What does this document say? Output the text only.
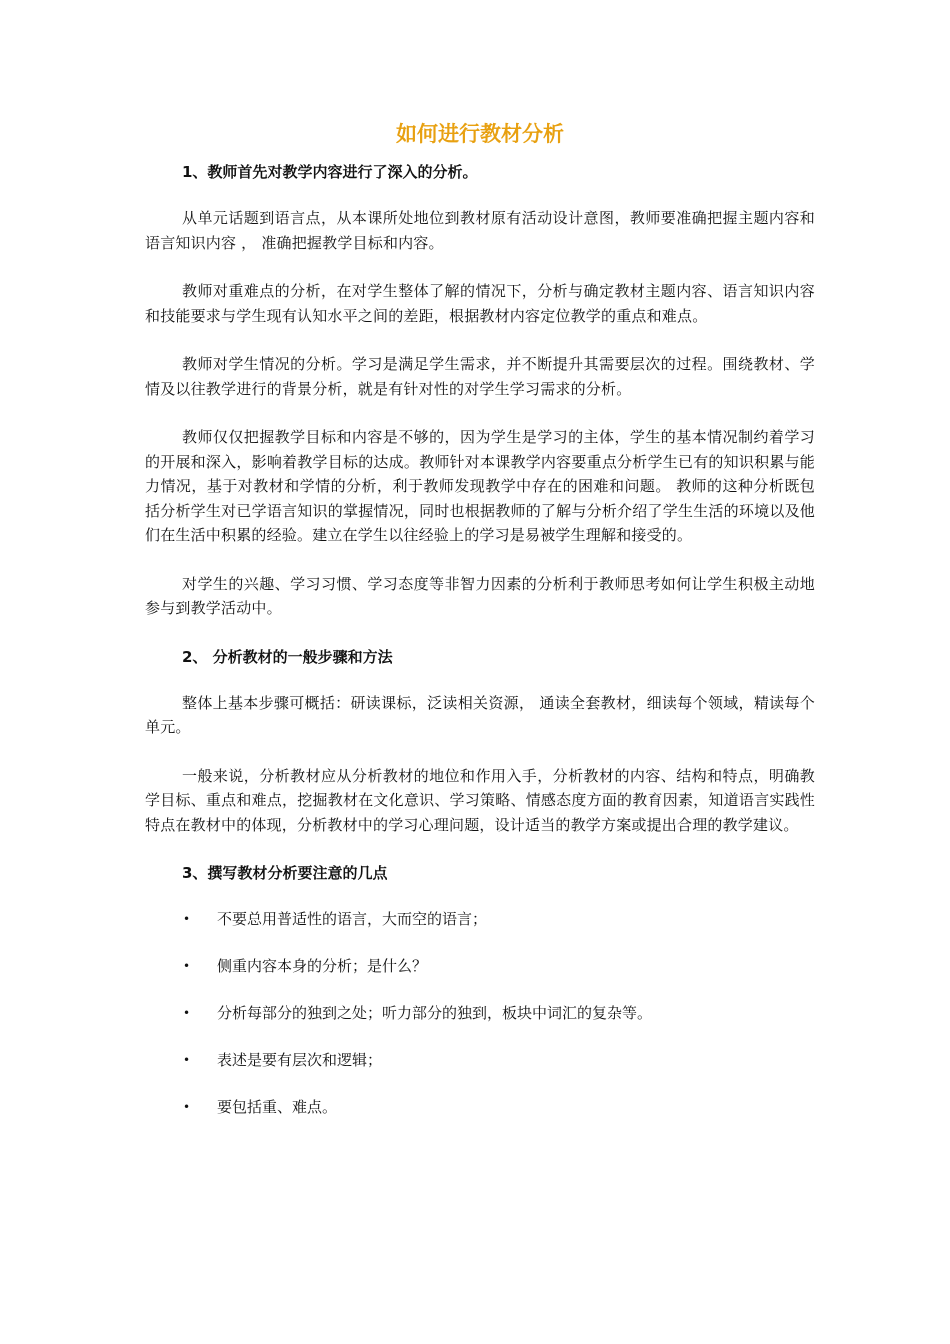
如何进行教材分析

1、教师首先对教学内容进行了深入的分析。

从单元话题到语言点，从本课所处地位到教材原有活动设计意图，教师要准确把握主题内容和语言知识内容 ， 准确把握教学目标和内容。

教师对重难点的分析，在对学生整体了解的情况下，分析与确定教材主题内容、语言知识内容和技能要求与学生现有认知水平之间的差距，根据教材内容定位教学的重点和难点。

教师对学生情况的分析。学习是满足学生需求，并不断提升其需要层次的过程。围绕教材、学情及以往教学进行的背景分析，就是有针对性的对学生学习需求的分析。

教师仅仅把握教学目标和内容是不够的，因为学生是学习的主体，学生的基本情况制约着学习的开展和深入，影响着教学目标的达成。教师针对本课教学内容要重点分析学生已有的知识积累与能力情况，基于对教材和学情的分析，利于教师发现教学中存在的困难和问题。 教师的这种分析既包括分析学生对已学语言知识的掌握情况，同时也根据教师的了解与分析介绍了学生生活的环境以及他们在生活中积累的经验。建立在学生以往经验上的学习是易被学生理解和接受的。

对学生的兴趣、学习习惯、学习态度等非智力因素的分析利于教师思考如何让学生积极主动地参与到教学活动中。

2、 分析教材的一般步骤和方法

整体上基本步骤可概括：研读课标，泛读相关资源， 通读全套教材，细读每个领域，精读每个单元。

一般来说，分析教材应从分析教材的地位和作用入手，分析教材的内容、结构和特点，明确教学目标、重点和难点，挖掘教材在文化意识、学习策略、情感态度方面的教育因素，知道语言实践性特点在教材中的体现，分析教材中的学习心理问题，设计适当的教学方案或提出合理的教学建议。

3、撰写教材分析要注意的几点

• 不要总用普适性的语言，大而空的语言；
• 侧重内容本身的分析；是什么？
• 分析每部分的独到之处；听力部分的独到，板块中词汇的复杂等。
• 表述是要有层次和逻辑；
• 要包括重、难点。
